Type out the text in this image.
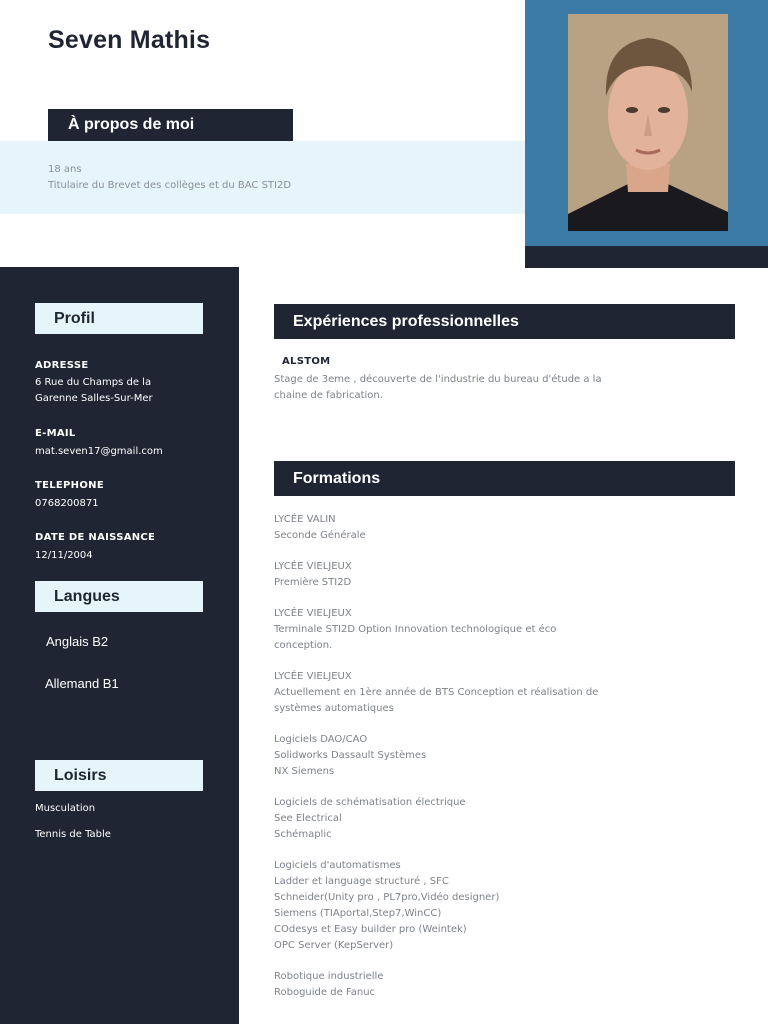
Seven Mathis
À propos de moi
18 ans
Titulaire du Brevet des collèges et du BAC STI2D
Profil
ADRESSE
6 Rue du Champs de la
Garenne Salles-Sur-Mer
E-MAIL
mat.seven17@gmail.com
TELEPHONE
0768200871
DATE DE NAISSANCE
12/11/2004
Langues
Anglais B2
Allemand B1
Loisirs
Musculation
Tennis de Table
Expériences professionnelles
ALSTOM
Stage de 3eme , découverte de l'industrie du bureau d'étude a la
chaine de fabrication.
Formations
LYCÉE VALIN
Seconde Générale
LYCÉE VIELJEUX
Première STI2D
LYCÉE VIELJEUX
Terminale STI2D Option Innovation technologique et éco
conception.
LYCÉE VIELJEUX
Actuellement en 1ère année de BTS Conception et réalisation de
systèmes automatiques
Logiciels DAO/CAO
Solidworks Dassault Systèmes
NX Siemens
Logiciels de schématisation électrique
See Electrical
Schémaplic
Logiciels d'automatismes
Ladder et language structuré , SFC
Schneider(Unity pro , PL7pro,Vidéo designer)
Siemens (TIAportal,Step7,WinCC)
COdesys et Easy builder pro (Weintek)
OPC Server (KepServer)
Robotique industrielle
Roboguide de Fanuc
